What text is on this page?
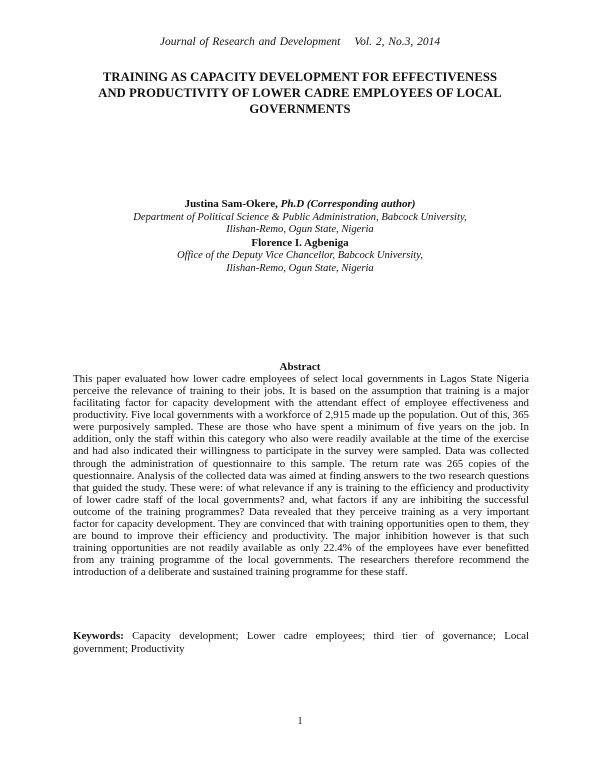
Journal of Research and Development Vol. 2, No.3, 2014
TRAINING AS CAPACITY DEVELOPMENT FOR EFFECTIVENESS
AND PRODUCTIVITY OF LOWER CADRE EMPLOYEES OF LOCAL
GOVERNMENTS
Justina Sam-Okere, Ph.D (Corresponding author)
Department of Political Science & Public Administration, Babcock University,
Ilishan-Remo, Ogun State, Nigeria
Florence I. Agbeniga
Office of the Deputy Vice Chancellor, Babcock University,
Ilishan-Remo, Ogun State, Nigeria
Abstract
This paper evaluated how lower cadre employees of select local governments in Lagos State Nigeria perceive the relevance of training to their jobs. It is based on the assumption that training is a major facilitating factor for capacity development with the attendant effect of employee effectiveness and productivity. Five local governments with a workforce of 2,915 made up the population. Out of this, 365 were purposively sampled. These are those who have spent a minimum of five years on the job. In addition, only the staff within this category who also were readily available at the time of the exercise and had also indicated their willingness to participate in the survey were sampled. Data was collected through the administration of questionnaire to this sample. The return rate was 265 copies of the questionnaire. Analysis of the collected data was aimed at finding answers to the two research questions that guided the study. These were: of what relevance if any is training to the efficiency and productivity of lower cadre staff of the local governments? and, what factors if any are inhibiting the successful outcome of the training programmes? Data revealed that they perceive training as a very important factor for capacity development. They are convinced that with training opportunities open to them, they are bound to improve their efficiency and productivity. The major inhibition however is that such training opportunities are not readily available as only 22.4% of the employees have ever benefitted from any training programme of the local governments. The researchers therefore recommend the introduction of a deliberate and sustained training programme for these staff.
Keywords: Capacity development; Lower cadre employees; third tier of governance; Local government; Productivity
1
